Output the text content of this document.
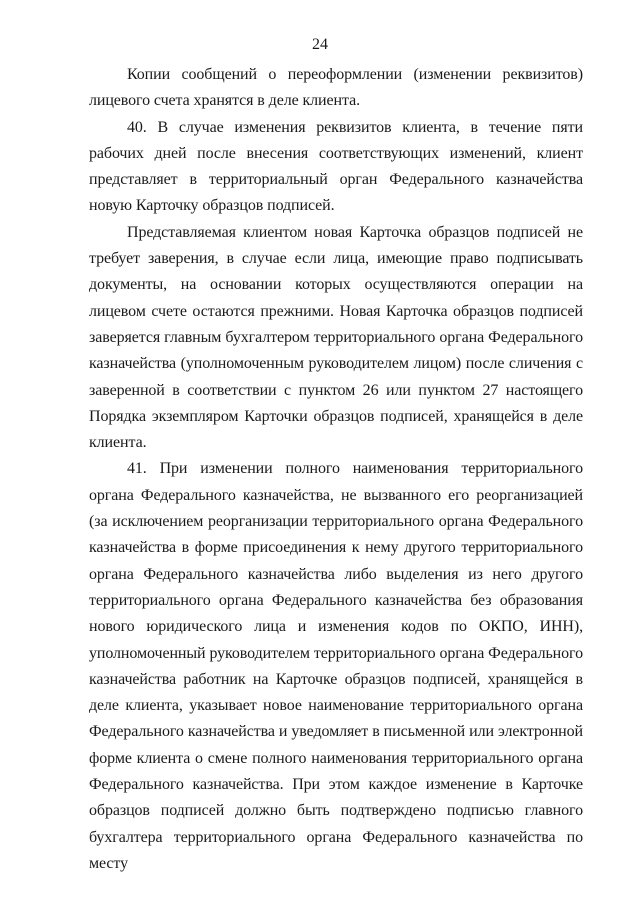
24

Копии сообщений о переоформлении (изменении реквизитов) лицевого счета хранятся в деле клиента.

40. В случае изменения реквизитов клиента, в течение пяти рабочих дней после внесения соответствующих изменений, клиент представляет в территориальный орган Федерального казначейства новую Карточку образцов подписей.

Представляемая клиентом новая Карточка образцов подписей не требует заверения, в случае если лица, имеющие право подписывать документы, на основании которых осуществляются операции на лицевом счете остаются прежними. Новая Карточка образцов подписей заверяется главным бухгалтером территориального органа Федерального казначейства (уполномоченным руководителем лицом) после сличения с заверенной в соответствии с пунктом 26 или пунктом 27 настоящего Порядка экземпляром Карточки образцов подписей, хранящейся в деле клиента.

41. При изменении полного наименования территориального органа Федерального казначейства, не вызванного его реорганизацией (за исключением реорганизации территориального органа Федерального казначейства в форме присоединения к нему другого территориального органа Федерального казначейства либо выделения из него другого территориального органа Федерального казначейства без образования нового юридического лица и изменения кодов по ОКПО, ИНН), уполномоченный руководителем территориального органа Федерального казначейства работник на Карточке образцов подписей, хранящейся в деле клиента, указывает новое наименование территориального органа Федерального казначейства и уведомляет в письменной или электронной форме клиента о смене полного наименования территориального органа Федерального казначейства. При этом каждое изменение в Карточке образцов подписей должно быть подтверждено подписью главного бухгалтера территориального органа Федерального казначейства по месту
